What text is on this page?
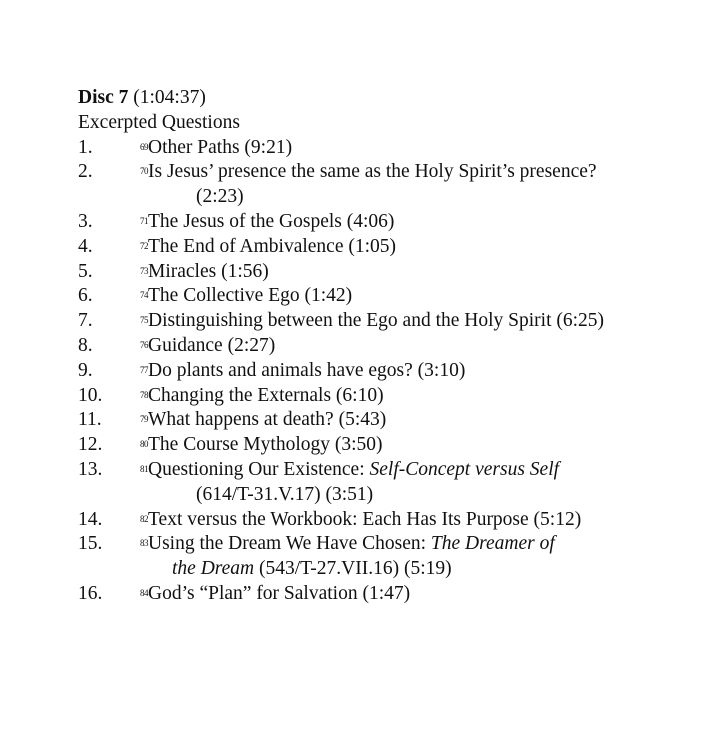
Disc 7 (1:04:37)
Excerpted Questions
1.	$^{69}$Other Paths (9:21)
2.	$^{70}$Is Jesus’ presence the same as the Holy Spirit’s presence?
(2:23)
3.	$^{71}$The Jesus of the Gospels (4:06)
4.	$^{72}$The End of Ambivalence (1:05)
5.	$^{73}$Miracles (1:56)
6.	$^{74}$The Collective Ego (1:42)
7.	$^{75}$Distinguishing between the Ego and the Holy Spirit (6:25)
8.	$^{76}$Guidance (2:27)
9.	$^{77}$Do plants and animals have egos? (3:10)
10.	$^{78}$Changing the Externals (6:10)
11.	$^{79}$What happens at death? (5:43)
12.	$^{80}$The Course Mythology (3:50)
13.	$^{81}$Questioning Our Existence: Self-Concept versus Self
(614/T-31.V.17) (3:51)
14.	$^{82}$Text versus the Workbook: Each Has Its Purpose (5:12)
15.	$^{83}$Using the Dream We Have Chosen: The Dreamer of
the Dream (543/T-27.VII.16) (5:19)
16.	$^{84}$God’s “Plan” for Salvation (1:47)
